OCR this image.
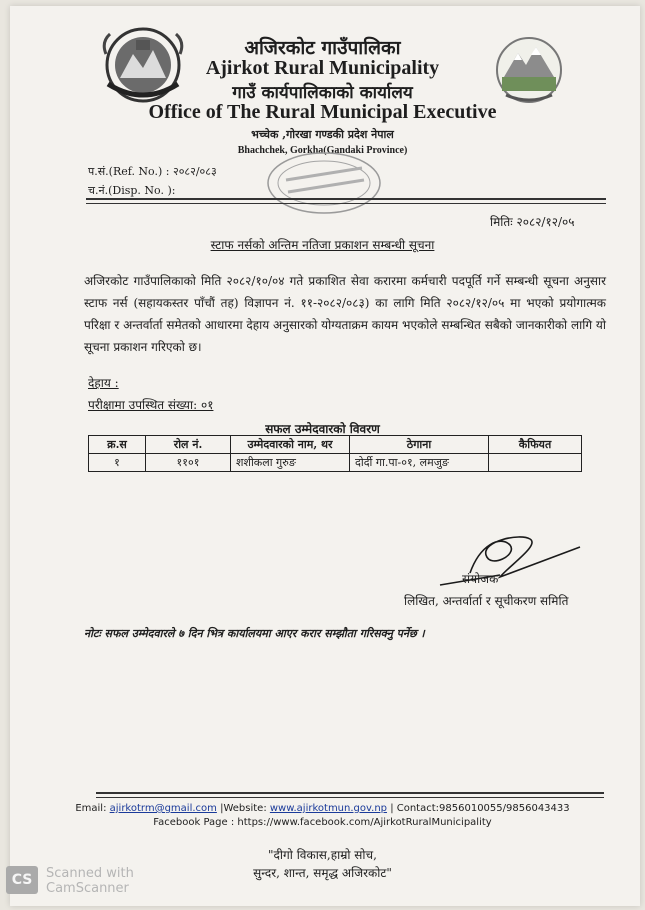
अजिरकोट गाउँपालिका
Ajirkot Rural Municipality
गाउँ कार्यपालिकाको कार्यालय
Office of The Rural Municipal Executive
भच्चेक ,गोरखा गण्डकी प्रदेश नेपाल
Bhachchek, Gorkha(Gandaki Province)
प.सं.(Ref. No.) : २०८२/०८३
च.नं.(Disp. No. ):
मितिः २०८२/१२/०५
स्टाफ नर्सको अन्तिम नतिजा प्रकाशन सम्बन्धी सूचना
अजिरकोट गाउँपालिकाको मिति २०८२/१०/०४ गते प्रकाशित सेवा करारमा कर्मचारी पदपूर्ति गर्ने सम्बन्धी सूचना अनुसार स्टाफ नर्स (सहायकस्तर पाँचौं तह) विज्ञापन नं. ११-२०८२/०८३) का लागि मिति २०८२/१२/०५ मा भएको प्रयोगात्मक परिक्षा र अन्तर्वार्ता समेतको आधारमा देहाय अनुसारको योग्यताक्रम कायम भएकोले सम्बन्धित सबैको जानकारीको लागि यो सूचना प्रकाशन गरिएको छ।
देहाय :
परीक्षामा उपस्थित संख्या: ०१
सफल उम्मेदवारको विवरण
क्र.स	रोल नं.	उम्मेदवारको नाम, थर	ठेगाना	कैफियत
१	११०१	शशीकला गुरुङ	दोर्दी गा.पा-०१, लमजुङ	
संयोजक
लिखित, अन्तर्वार्ता र सूचीकरण समिति
नोटः सफल उम्मेदवारले ७ दिन भित्र कार्यालयमा आएर करार सम्झौता गरिसक्नु पर्नेछ ।
Email: ajirkotrm@gmail.com |Website: www.ajirkotmun.gov.np | Contact:9856010055/9856043433
Facebook Page : https://www.facebook.com/AjirkotRuralMunicipality
"दीगो विकास,हाम्रो सोच,
सुन्दर, शान्त, समृद्ध अजिरकोट"
CS	Scanned with
CamScanner
